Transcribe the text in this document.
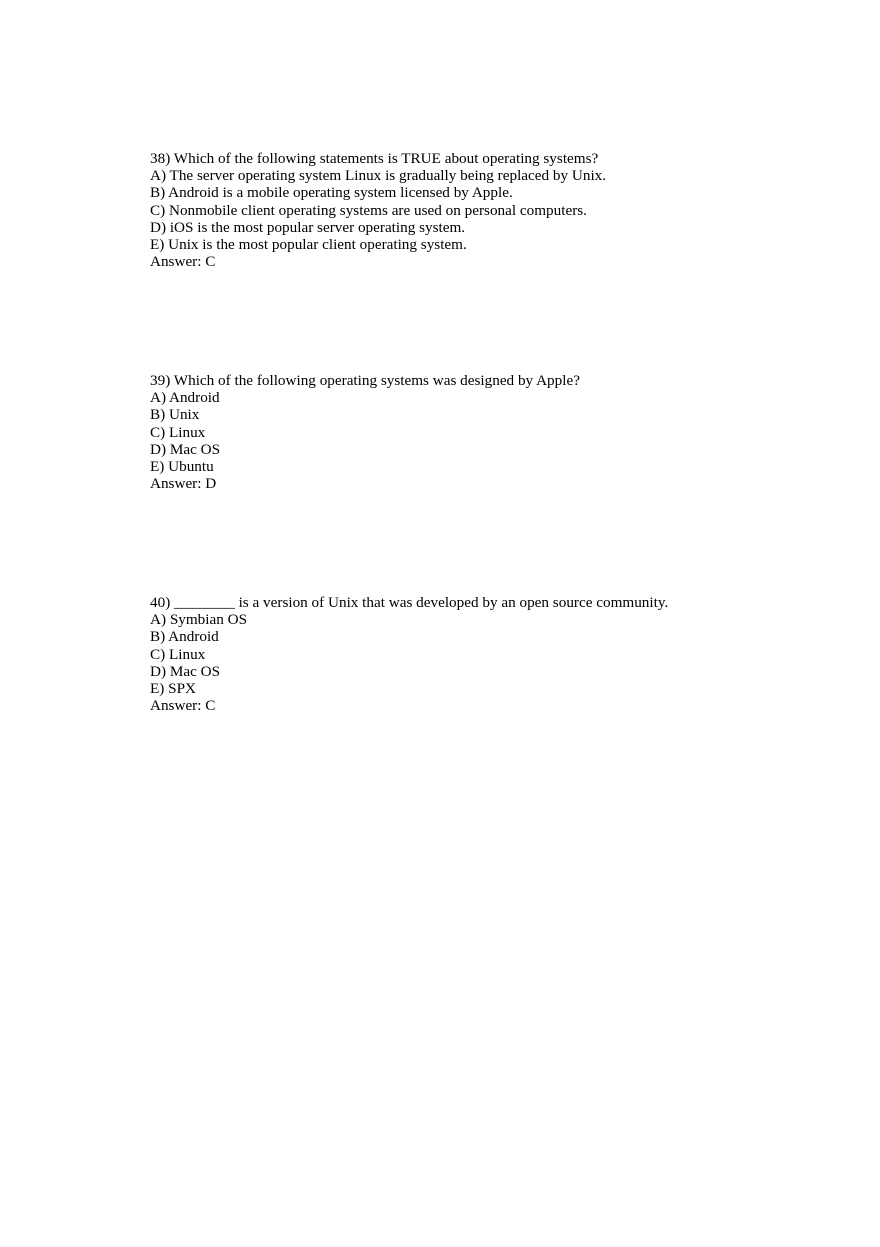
38) Which of the following statements is TRUE about operating systems?
A) The server operating system Linux is gradually being replaced by Unix.
B) Android is a mobile operating system licensed by Apple.
C) Nonmobile client operating systems are used on personal computers.
D) iOS is the most popular server operating system.
E) Unix is the most popular client operating system.
Answer: C
39) Which of the following operating systems was designed by Apple?
A) Android
B) Unix
C) Linux
D) Mac OS
E) Ubuntu
Answer: D
40) ________ is a version of Unix that was developed by an open source community.
A) Symbian OS
B) Android
C) Linux
D) Mac OS
E) SPX
Answer: C
